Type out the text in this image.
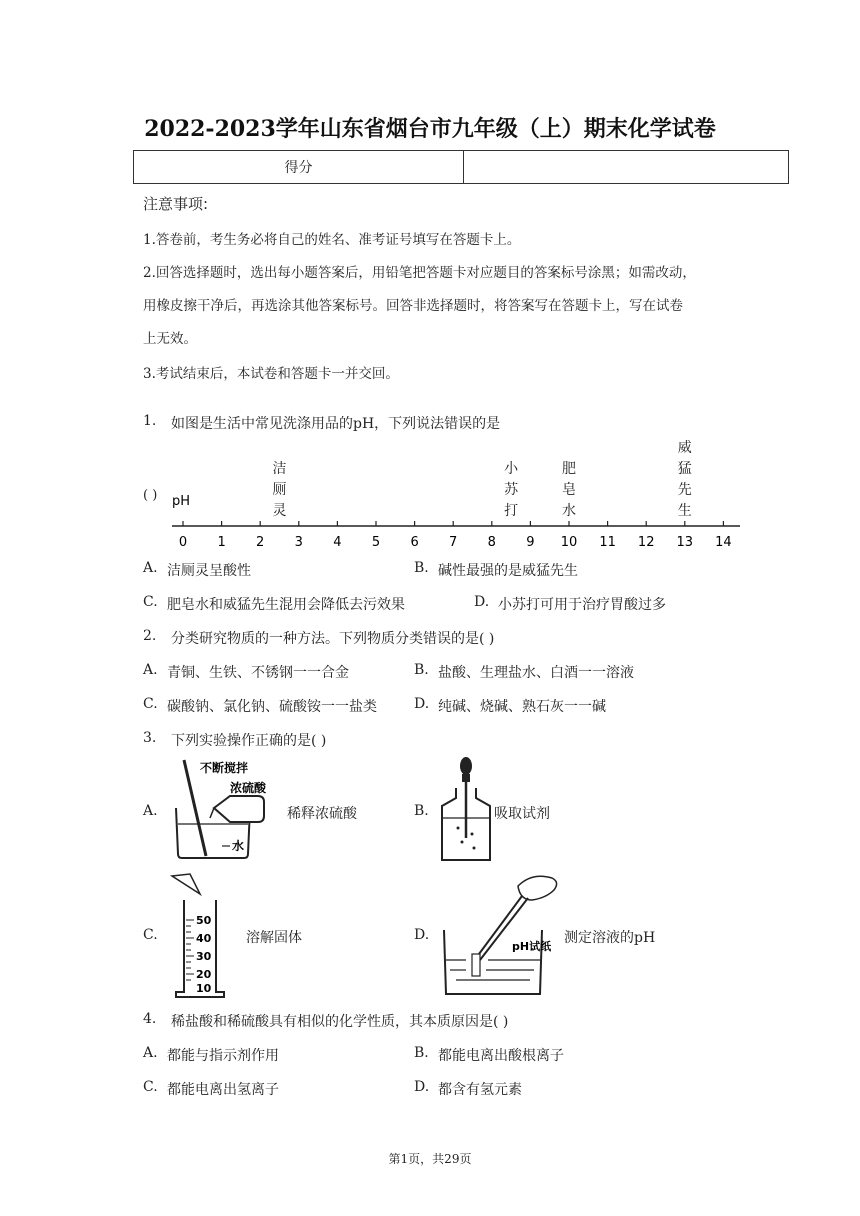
2022-2023学年山东省烟台市九年级（上）期末化学试卷
得分	
注意事项:
1.答卷前，考生务必将自己的姓名、准考证号填写在答题卡上。
2.回答选择题时，选出每小题答案后，用铅笔把答题卡对应题目的答案标号涂黑；如需改动，
用橡皮擦干净后，再选涂其他答案标号。回答非选择题时，将答案写在答题卡上，写在试卷
上无效。
3.考试结束后，本试卷和答题卡一并交回。
1. 如图是生活中常见洗涤用品的pH，下列说法错误的是
( )
0 1 2 3 4 5 6 7 8 9 10 11 12 13 14
pH
洁
厕
灵
小
苏
打
肥
皂
水
威
猛
先
生
A. 洁厕灵呈酸性	B. 碱性最强的是威猛先生
C. 肥皂水和威猛先生混用会降低去污效果	D. 小苏打可用于治疗胃酸过多
2. 分类研究物质的一种方法。下列物质分类错误的是( )
A. 青铜、生铁、不锈钢一一合金	B. 盐酸、生理盐水、白酒一一溶液
C. 碳酸钠、氯化钠、硫酸铵一一盐类	D. 纯碱、烧碱、熟石灰一一碱
3. 下列实验操作正确的是( )
A.
不断搅拌
浓硫酸
水
稀释浓硫酸	B.	吸取试剂
C.
50
40
30
20
10
溶解固体	D.
pH试纸
测定溶液的pH
4. 稀盐酸和稀硫酸具有相似的化学性质，其本质原因是( )
A. 都能与指示剂作用	B. 都能电离出酸根离子
C. 都能电离出氢离子	D. 都含有氢元素
第1页，共29页
